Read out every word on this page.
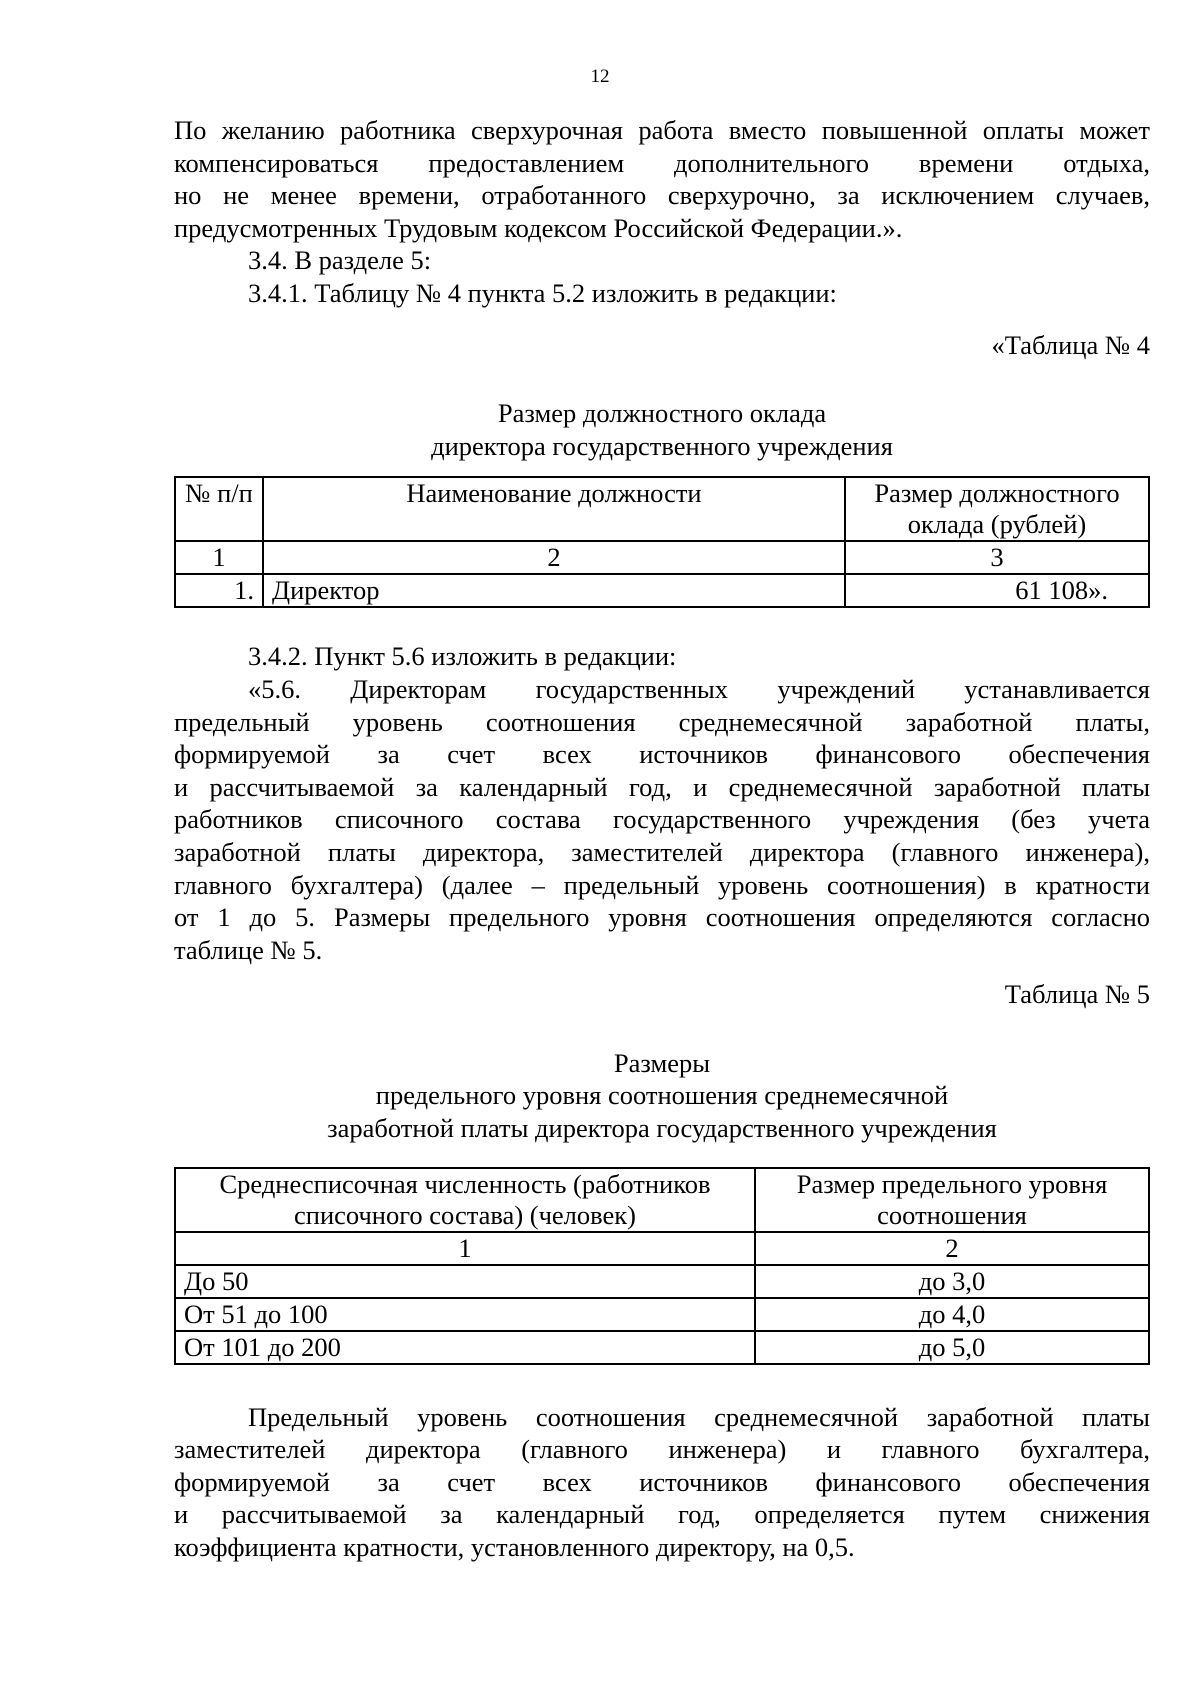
12

По желанию работника сверхурочная работа вместо повышенной оплаты может

компенсироваться предоставлением дополнительного времени отдыха,

но не менее времени, отработанного сверхурочно, за исключением случаев,

предусмотренных Трудовым кодексом Российской Федерации.».

3.4. В разделе 5:

3.4.1. Таблицу № 4 пункта 5.2 изложить в редакции:

«Таблица № 4

Размер должностного оклада

директора государственного учреждения

№ п/п	Наименование должности	Размер должностного оклада (рублей)
1	2	3
1.	Директор	61 108».

3.4.2. Пункт 5.6 изложить в редакции:

«5.6. Директорам государственных учреждений устанавливается

предельный уровень соотношения среднемесячной заработной платы,

формируемой за счет всех источников финансового обеспечения

и рассчитываемой за календарный год, и среднемесячной заработной платы

работников списочного состава государственного учреждения (без учета

заработной платы директора, заместителей директора (главного инженера),

главного бухгалтера) (далее – предельный уровень соотношения) в кратности

от 1 до 5. Размеры предельного уровня соотношения определяются согласно

таблице № 5.

Таблица № 5

Размеры

предельного уровня соотношения среднемесячной

заработной платы директора государственного учреждения

Среднесписочная численность (работников списочного состава) (человек)	Размер предельного уровня соотношения
1	2
До 50	до 3,0
От 51 до 100	до 4,0
От 101 до 200	до 5,0

Предельный уровень соотношения среднемесячной заработной платы

заместителей директора (главного инженера) и главного бухгалтера,

формируемой за счет всех источников финансового обеспечения

и рассчитываемой за календарный год, определяется путем снижения

коэффициента кратности, установленного директору, на 0,5.
